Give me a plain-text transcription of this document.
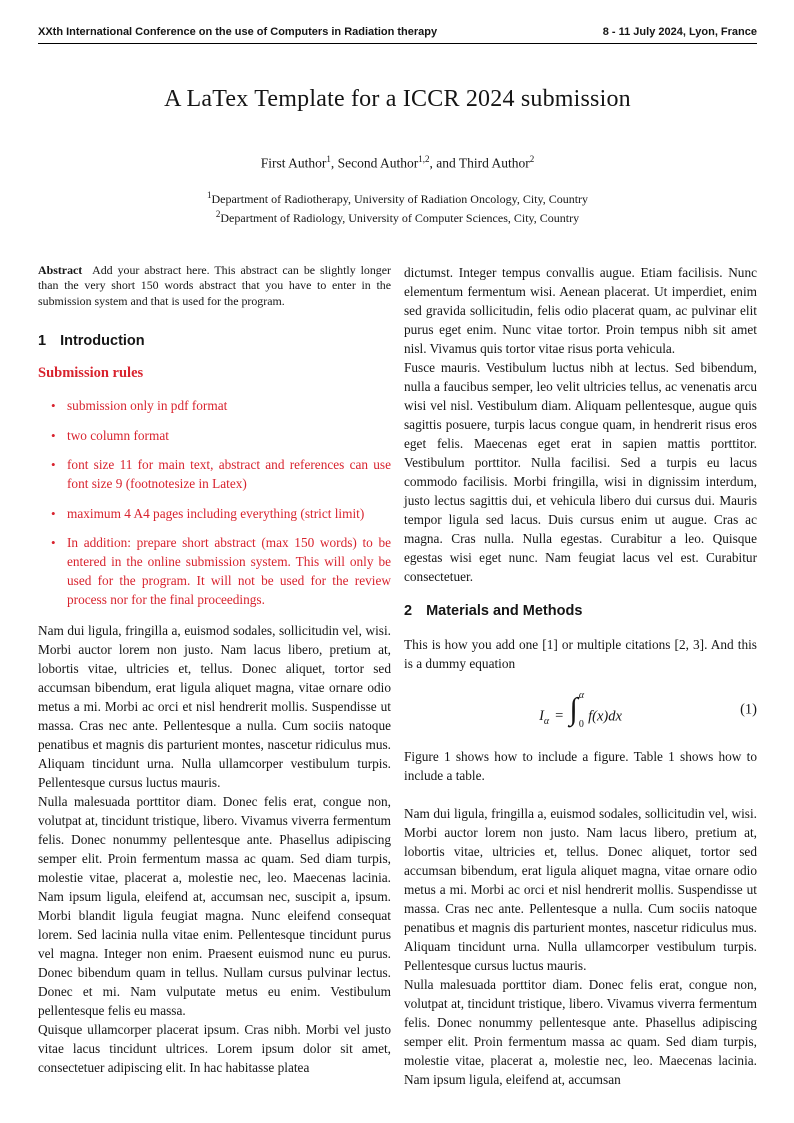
XXth International Conference on the use of Computers in Radiation therapy	8 - 11 July 2024, Lyon, France
A LaTex Template for a ICCR 2024 submission
First Author$^1$, Second Author$^{1,2}$, and Third Author$^2$
$^1$Department of Radiotherapy, University of Radiation Oncology, City, Country
$^2$Department of Radiology, University of Computer Sciences, City, Country
Abstract Add your abstract here. This abstract can be slightly longer than the very short 150 words abstract that you have to enter in the submission system and that is used for the program.
1 Introduction
Submission rules
• submission only in pdf format
• two column format
• font size 11 for main text, abstract and references can use font size 9 (footnotesize in Latex)
• maximum 4 A4 pages including everything (strict limit)
• In addition: prepare short abstract (max 150 words) to be entered in the online submission system. This will only be used for the program. It will not be used for the review process nor for the final proceedings.

Nam dui ligula, fringilla a, euismod sodales, sollicitudin vel, wisi. Morbi auctor lorem non justo. Nam lacus libero, pretium at, lobortis vitae, ultricies et, tellus. Donec aliquet, tortor sed accumsan bibendum, erat ligula aliquet magna, vitae ornare odio metus a mi. Morbi ac orci et nisl hendrerit mollis. Suspendisse ut massa. Cras nec ante. Pellentesque a nulla. Cum sociis natoque penatibus et magnis dis parturient montes, nascetur ridiculus mus. Aliquam tincidunt urna. Nulla ullamcorper vestibulum turpis. Pellentesque cursus luctus mauris.

Nulla malesuada porttitor diam. Donec felis erat, congue non, volutpat at, tincidunt tristique, libero. Vivamus viverra fermentum felis. Donec nonummy pellentesque ante. Phasellus adipiscing semper elit. Proin fermentum massa ac quam. Sed diam turpis, molestie vitae, placerat a, molestie nec, leo. Maecenas lacinia. Nam ipsum ligula, eleifend at, accumsan nec, suscipit a, ipsum. Morbi blandit ligula feugiat magna. Nunc eleifend consequat lorem. Sed lacinia nulla vitae enim. Pellentesque tincidunt purus vel magna. Integer non enim. Praesent euismod nunc eu purus. Donec bibendum quam in tellus. Nullam cursus pulvinar lectus. Donec et mi. Nam vulputate metus eu enim. Vestibulum pellentesque felis eu massa.

Quisque ullamcorper placerat ipsum. Cras nibh. Morbi vel justo vitae lacus tincidunt ultrices. Lorem ipsum dolor sit amet, consectetuer adipiscing elit. In hac habitasse platea

dictumst. Integer tempus convallis augue. Etiam facilisis. Nunc elementum fermentum wisi. Aenean placerat. Ut imperdiet, enim sed gravida sollicitudin, felis odio placerat quam, ac pulvinar elit purus eget enim. Nunc vitae tortor. Proin tempus nibh sit amet nisl. Vivamus quis tortor vitae risus porta vehicula.

Fusce mauris. Vestibulum luctus nibh at lectus. Sed bibendum, nulla a faucibus semper, leo velit ultricies tellus, ac venenatis arcu wisi vel nisl. Vestibulum diam. Aliquam pellentesque, augue quis sagittis posuere, turpis lacus congue quam, in hendrerit risus eros eget felis. Maecenas eget erat in sapien mattis porttitor. Vestibulum porttitor. Nulla facilisi. Sed a turpis eu lacus commodo facilisis. Morbi fringilla, wisi in dignissim interdum, justo lectus sagittis dui, et vehicula libero dui cursus dui. Mauris tempor ligula sed lacus. Duis cursus enim ut augue. Cras ac magna. Cras nulla. Nulla egestas. Curabitur a leo. Quisque egestas wisi eget nunc. Nam feugiat lacus vel est. Curabitur consectetuer.

2 Materials and Methods

This is how you add one [1] or multiple citations [2, 3]. And this is a dummy equation

$I_\alpha$ = ∫ α
0 f(x)dx	(1)

Figure 1 shows how to include a figure. Table 1 shows how to include a table.

Nam dui ligula, fringilla a, euismod sodales, sollicitudin vel, wisi. Morbi auctor lorem non justo. Nam lacus libero, pretium at, lobortis vitae, ultricies et, tellus. Donec aliquet, tortor sed accumsan bibendum, erat ligula aliquet magna, vitae ornare odio metus a mi. Morbi ac orci et nisl hendrerit mollis. Suspendisse ut massa. Cras nec ante. Pellentesque a nulla. Cum sociis natoque penatibus et magnis dis parturient montes, nascetur ridiculus mus. Aliquam tincidunt urna. Nulla ullamcorper vestibulum turpis. Pellentesque cursus luctus mauris.

Nulla malesuada porttitor diam. Donec felis erat, congue non, volutpat at, tincidunt tristique, libero. Vivamus viverra fermentum felis. Donec nonummy pellentesque ante. Phasellus adipiscing semper elit. Proin fermentum massa ac quam. Sed diam turpis, molestie vitae, placerat a, molestie nec, leo. Maecenas lacinia. Nam ipsum ligula, eleifend at, accumsan
